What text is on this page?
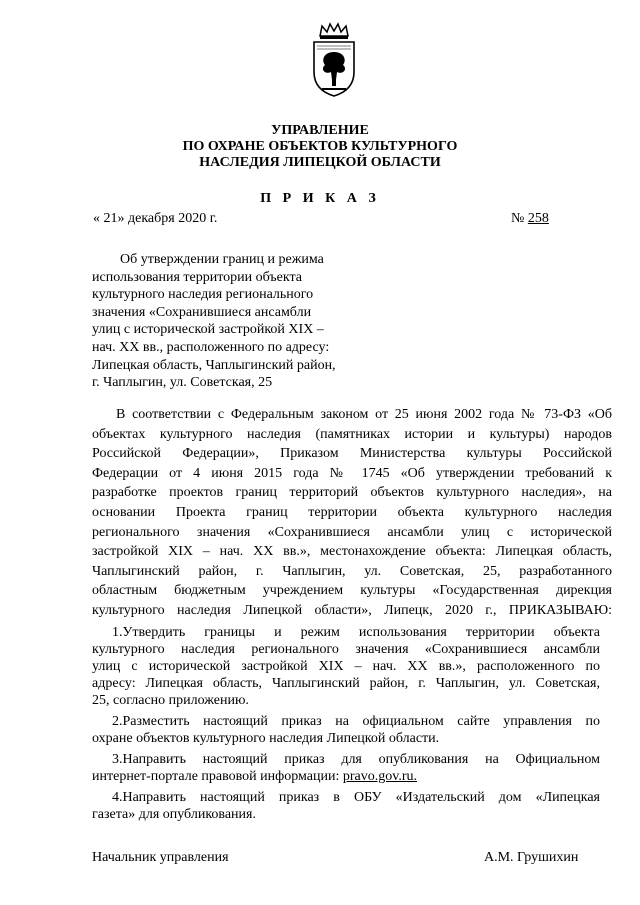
УПРАВЛЕНИЕ
ПО ОХРАНЕ ОБЪЕКТОВ КУЛЬТУРНОГО
НАСЛЕДИЯ ЛИПЕЦКОЙ ОБЛАСТИ
П Р И К А З
« 21» декабря 2020 г.	№ 258
Об утверждении границ и режима
использования территории объекта
культурного наследия регионального
значения «Сохранившиеся ансамбли
улиц с исторической застройкой XIX –
нач. XX вв., расположенного по адресу:
Липецкая область, Чаплыгинский район,
г. Чаплыгин, ул. Советская, 25
В соответствии с Федеральным законом от 25 июня 2002 года № 73-ФЗ «Об
объектах культурного наследия (памятниках истории и культуры) народов
Российской Федерации», Приказом Министерства культуры Российской
Федерации от 4 июня 2015 года № 1745 «Об утверждении требований к
разработке проектов границ территорий объектов культурного наследия», на
основании Проекта границ территории объекта культурного наследия
регионального значения «Сохранившиеся ансамбли улиц с исторической
застройкой XIX – нач. XX вв.», местонахождение объекта: Липецкая область,
Чаплыгинский район, г. Чаплыгин, ул. Советская, 25, разработанного
областным бюджетным учреждением культуры «Государственная дирекция
культурного наследия Липецкой области», Липецк, 2020 г., ПРИКАЗЫВАЮ:
1.Утвердить границы и режим использования территории объекта
культурного наследия регионального значения «Сохранившиеся ансамбли
улиц с исторической застройкой XIX – нач. XX вв.», расположенного по
адресу: Липецкая область, Чаплыгинский район, г. Чаплыгин, ул. Советская,
25, согласно приложению.
2.Разместить настоящий приказ на официальном сайте управления по
охране объектов культурного наследия Липецкой области.
3.Направить настоящий приказ для опубликования на Официальном
интернет-портале правовой информации: pravo.gov.ru.
4.Направить настоящий приказ в ОБУ «Издательский дом «Липецкая
газета» для опубликования.
Начальник управления	А.М. Грушихин
